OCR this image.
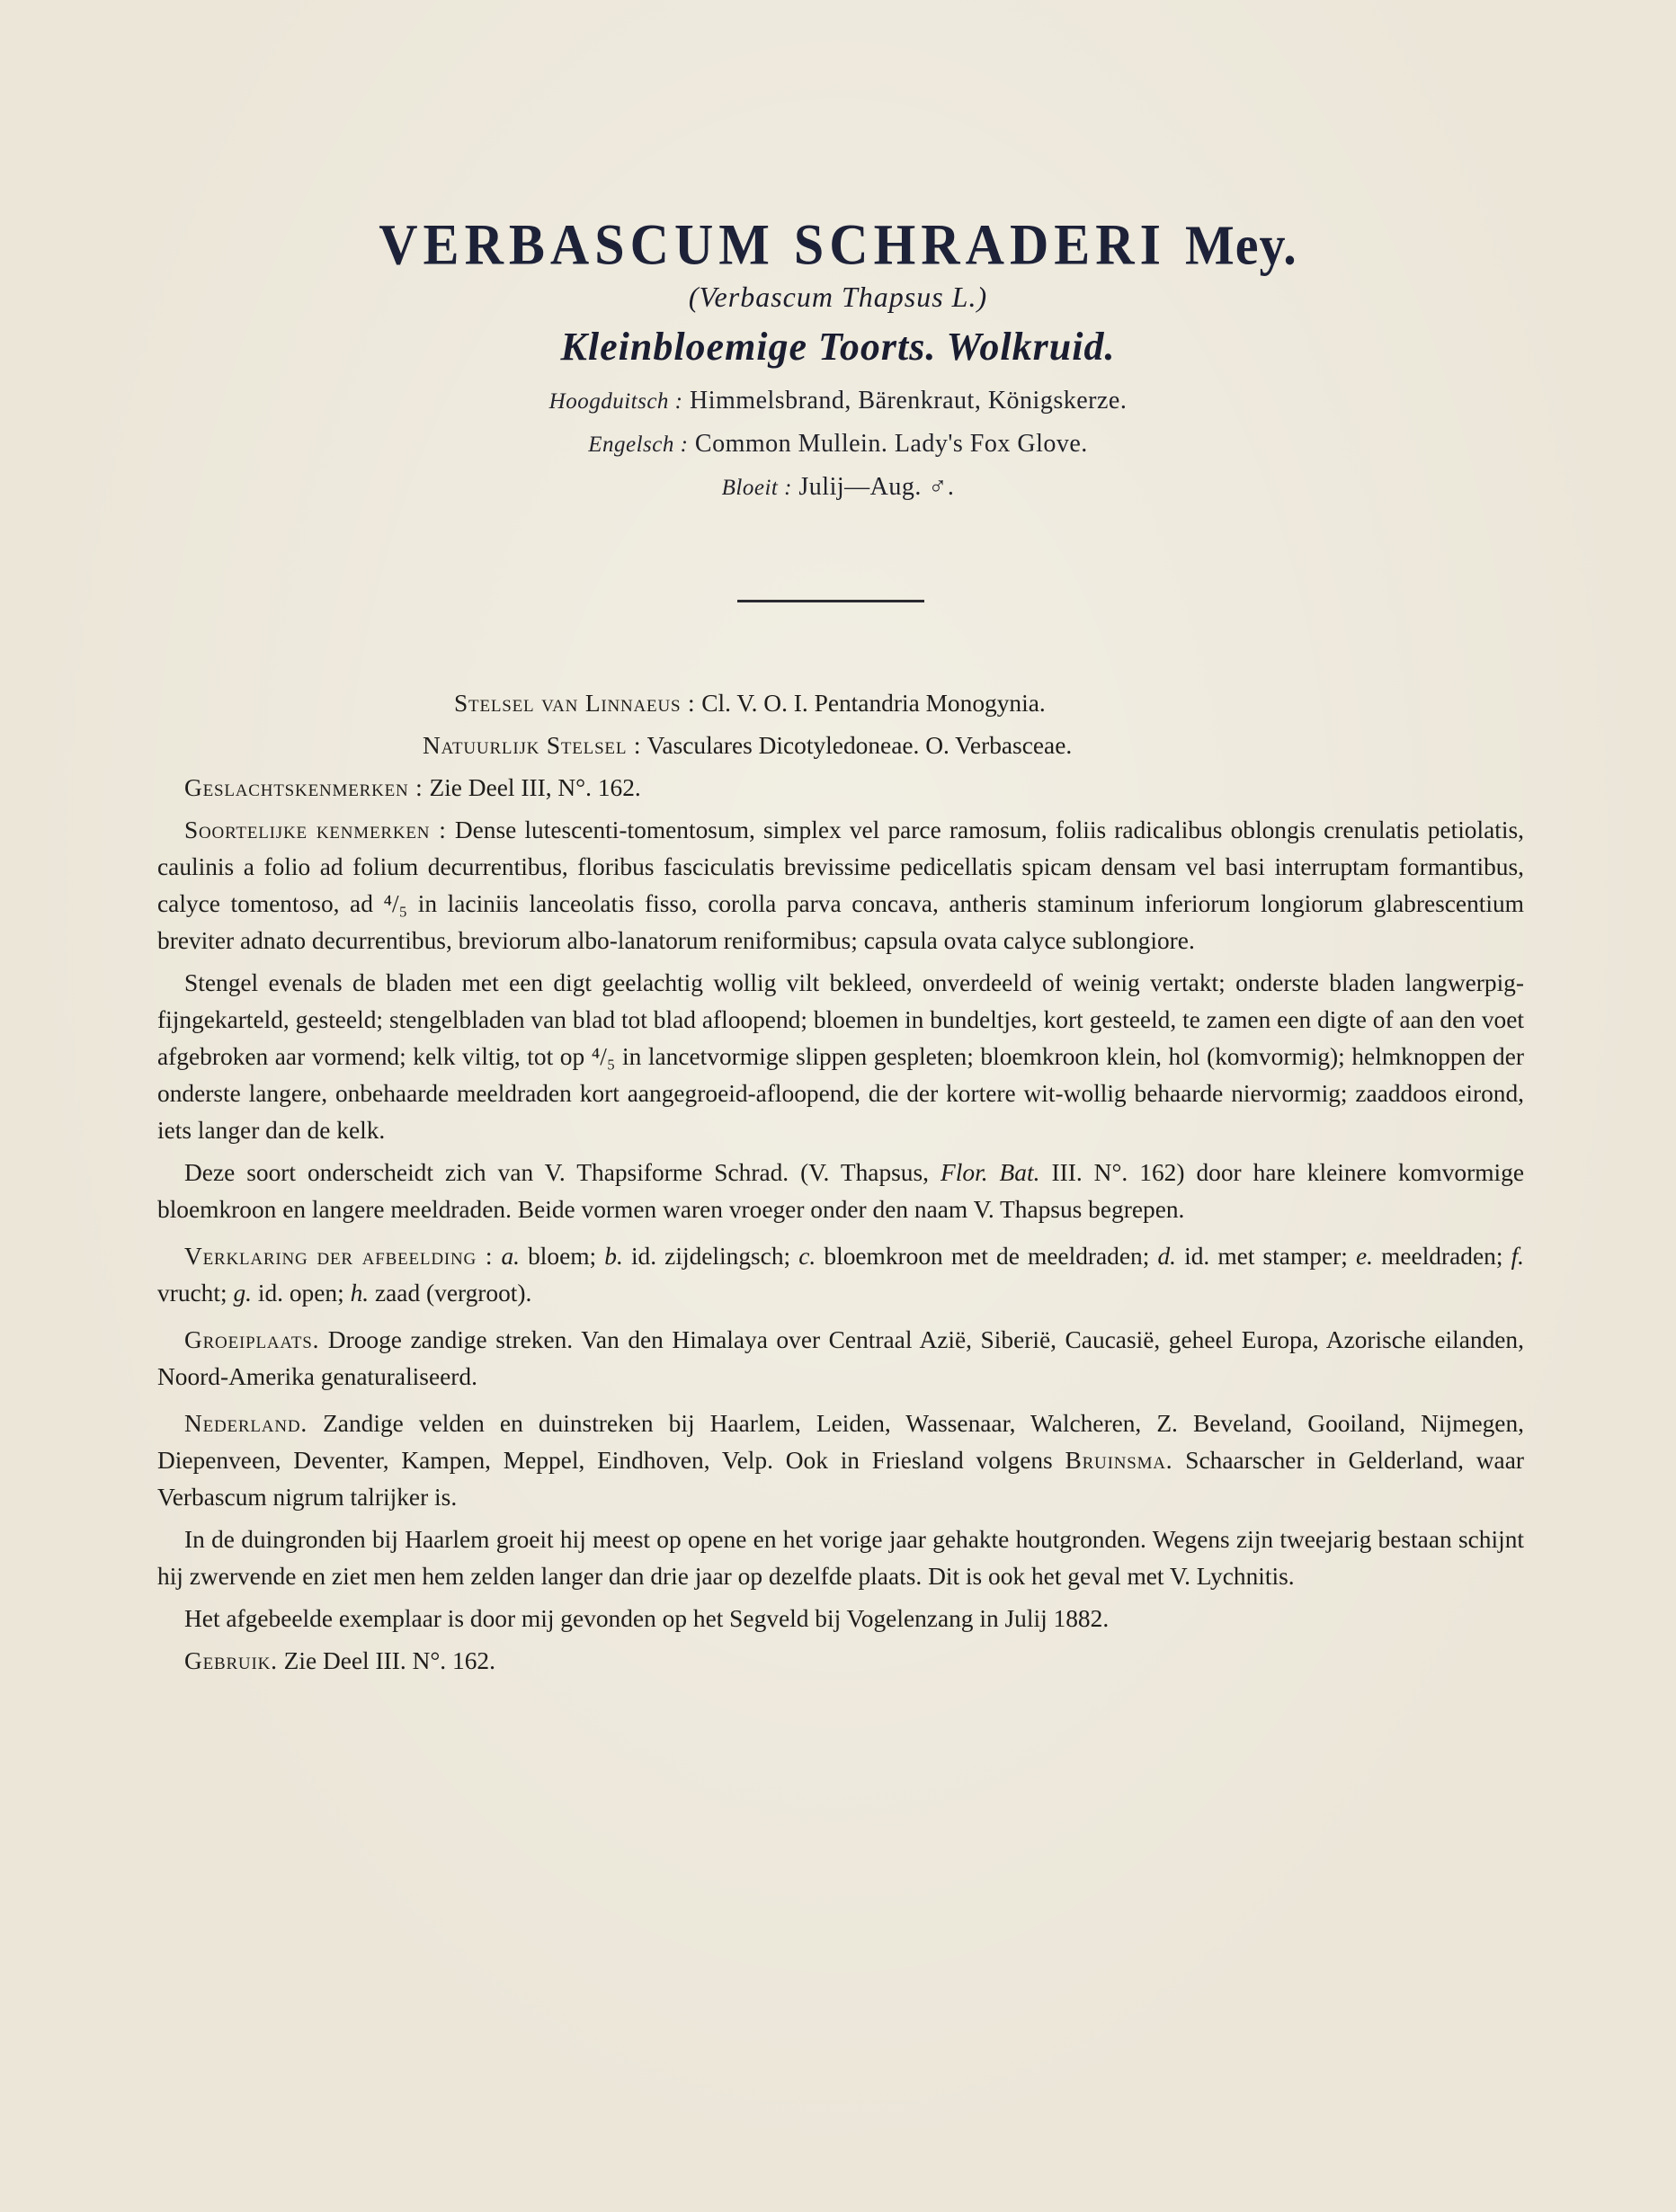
VERBASCUM SCHRADERI Mey.
(Verbascum Thapsus L.)
Kleinbloemige Toorts. Wolkruid.
Hoogduitsch : Himmelsbrand, Bärenkraut, Königskerze.
Engelsch : Common Mullein. Lady's Fox Glove.
Bloeit : Julij—Aug. ♂.

Stelsel van Linnaeus : Cl. V. O. I. Pentandria Monogynia.

Natuurlijk Stelsel : Vasculares Dicotyledoneae. O. Verbasceae.

Geslachtskenmerken : Zie Deel III, N°. 162.

Soortelijke kenmerken : Dense lutescenti-tomentosum, simplex vel parce ramosum, foliis radicalibus oblongis crenulatis petiolatis, caulinis a folio ad folium decurrentibus, floribus fasciculatis brevissime pedicellatis spicam densam vel basi interruptam formantibus, calyce tomentoso, ad ⁴/₅ in laciniis lanceolatis fisso, corolla parva concava, antheris staminum inferiorum longiorum glabrescentium breviter adnato decurrentibus, breviorum albo-lanatorum reniformibus; capsula ovata calyce sublongiore.

Stengel evenals de bladen met een digt geelachtig wollig vilt bekleed, onverdeeld of weinig vertakt; onderste bladen langwerpig-fijngekarteld, gesteeld; stengelbladen van blad tot blad afloopend; bloemen in bundeltjes, kort gesteeld, te zamen een digte of aan den voet afgebroken aar vormend; kelk viltig, tot op ⁴/₅ in lancetvormige slippen gespleten; bloemkroon klein, hol (komvormig); helmknoppen der onderste langere, onbehaarde meeldraden kort aangegroeid-afloopend, die der kortere wit-wollig behaarde niervormig; zaaddoos eirond, iets langer dan de kelk.

Deze soort onderscheidt zich van V. Thapsiforme Schrad. (V. Thapsus, Flor. Bat. III. N°. 162) door hare kleinere komvormige bloemkroon en langere meeldraden. Beide vormen waren vroeger onder den naam V. Thapsus begrepen.

Verklaring der afbeelding : a. bloem; b. id. zijdelingsch; c. bloemkroon met de meeldraden; d. id. met stamper; e. meeldraden; f. vrucht; g. id. open; h. zaad (vergroot).

Groeiplaats. Drooge zandige streken. Van den Himalaya over Centraal Azië, Siberië, Caucasië, geheel Europa, Azorische eilanden, Noord-Amerika genaturaliseerd.

Nederland. Zandige velden en duinstreken bij Haarlem, Leiden, Wassenaar, Walcheren, Z. Beveland, Gooiland, Nijmegen, Diepenveen, Deventer, Kampen, Meppel, Eindhoven, Velp. Ook in Friesland volgens Bruinsma. Schaarscher in Gelderland, waar Verbascum nigrum talrijker is.

In de duingronden bij Haarlem groeit hij meest op opene en het vorige jaar gehakte houtgronden. Wegens zijn tweejarig bestaan schijnt hij zwervende en ziet men hem zelden langer dan drie jaar op dezelfde plaats. Dit is ook het geval met V. Lychnitis.

Het afgebeelde exemplaar is door mij gevonden op het Segveld bij Vogelenzang in Julij 1882.

Gebruik. Zie Deel III. N°. 162.
